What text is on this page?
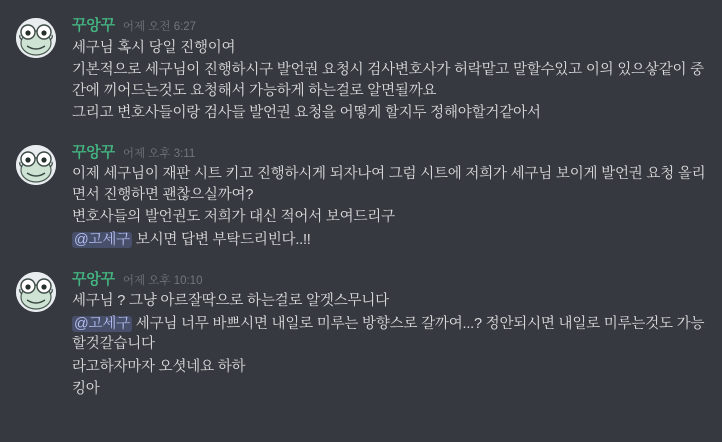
꾸앙꾸 어제 오전 6:27
세구님 혹시 당일 진행이여
기본적으로 세구님이 진행하시구 발언권 요청시 검사변호사가 허락맡고 말할수있고 이의 있으샇같이 중간에 끼어드는것도 요청해서 가능하게 하는걸로 알면될까요
그리고 변호사들이랑 검사들 발언권 요청을 어떻게 할지두 정해야할거같아서
꾸앙꾸 어제 오후 3:11
이제 세구님이 재판 시트 키고 진행하시게 되자나여 그럼 시트에 저희가 세구님 보이게 발언권 요청 올리면서 진행하면 괜찮으실까여?
변호사들의 발언권도 저희가 대신 적어서 보여드리구
@고세구 보시면 답변 부탁드리빈다..!!
꾸앙꾸 어제 오후 10:10
세구님 ? 그냥 아르잘딱으로 하는걸로 알겟스무니다
@고세구 세구님 너무 바쁘시면 내일로 미루는 방향스로 갈까여...? 정안되시면 내일로 미루는것도 가능할것갈습니다
라고하자마자 오셧네요 하하
킹아
